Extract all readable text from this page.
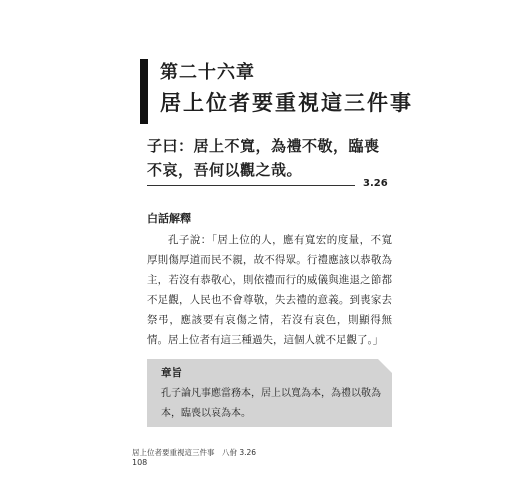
第二十六章
居上位者要重視這三件事
子曰：居上不寬，為禮不敬，臨喪不哀，吾何以觀之哉。
3.26
白話解釋
孔子說：「居上位的人，應有寬宏的度量，不寬厚則傷厚道而民不親，故不得眾。行禮應該以恭敬為主，若沒有恭敬心，則依禮而行的威儀與進退之節都不足觀，人民也不會尊敬，失去禮的意義。到喪家去祭弔，應該要有哀傷之情，若沒有哀色，則顯得無情。居上位者有這三種過失，這個人就不足觀了。」
章旨
孔子論凡事應當務本，居上以寬為本，為禮以敬為本，臨喪以哀為本。
居上位者要重視這三件事　八佾 3.26
108
